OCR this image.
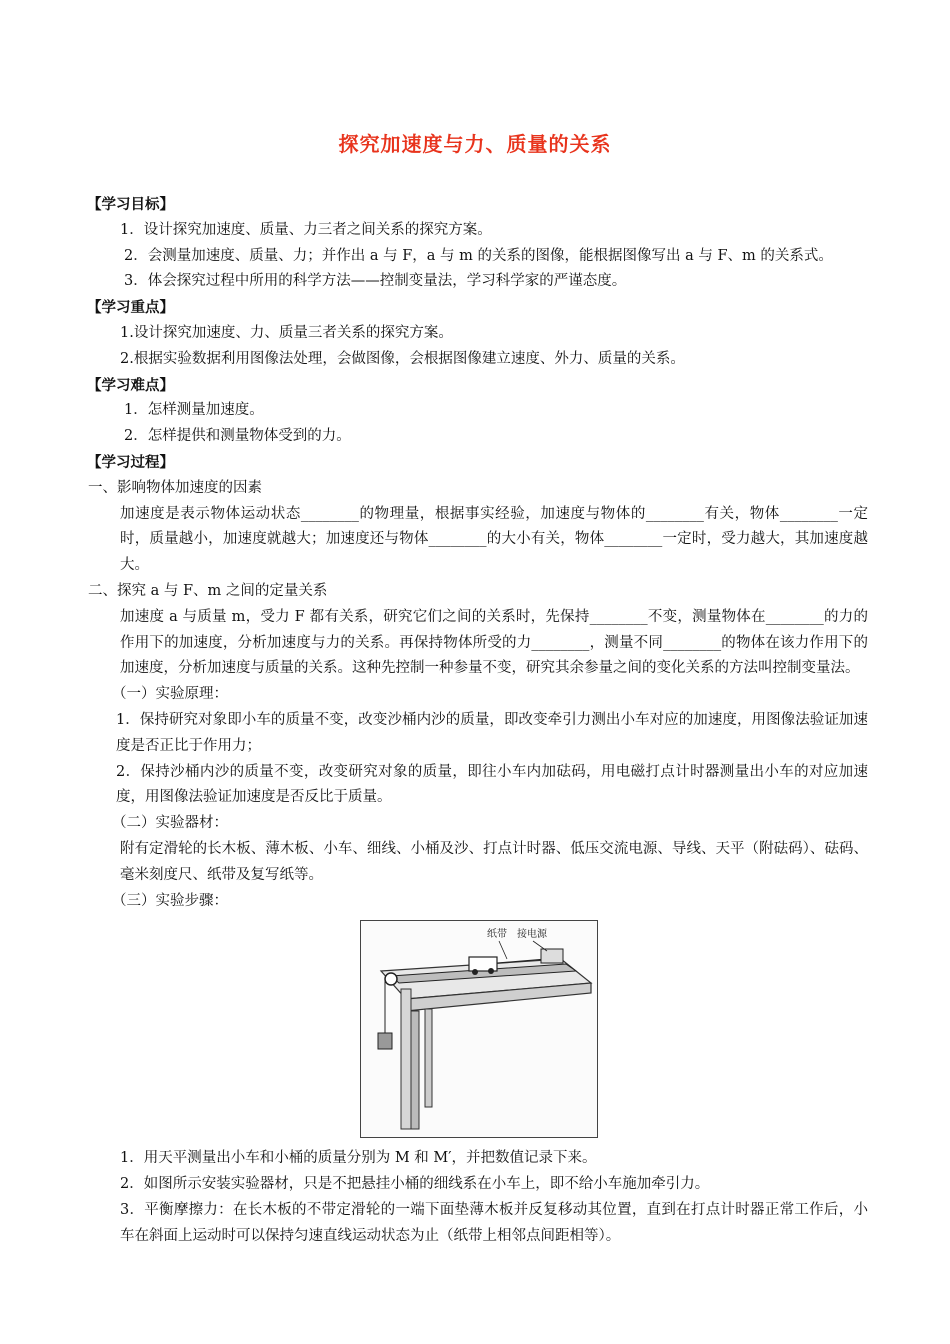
探究加速度与力、质量的关系

【学习目标】

1．设计探究加速度、质量、力三者之间关系的探究方案。

2．会测量加速度、质量、力；并作出 a 与 F，a 与 m 的关系的图像，能根据图像写出 a 与 F、m 的关系式。

3．体会探究过程中所用的科学方法——控制变量法，学习科学家的严谨态度。

【学习重点】

1.设计探究加速度、力、质量三者关系的探究方案。

2.根据实验数据利用图像法处理，会做图像，会根据图像建立速度、外力、质量的关系。

【学习难点】

1．怎样测量加速度。

2．怎样提供和测量物体受到的力。

【学习过程】

一、影响物体加速度的因素

加速度是表示物体运动状态________的物理量，根据事实经验，加速度与物体的________有关，物体________一定时，质量越小，加速度就越大；加速度还与物体________的大小有关，物体________一定时，受力越大，其加速度越大。

二、探究 a 与 F、m 之间的定量关系

加速度 a 与质量 m，受力 F 都有关系，研究它们之间的关系时，先保持________不变，测量物体在________的力的作用下的加速度，分析加速度与力的关系。再保持物体所受的力________，测量不同________的物体在该力作用下的加速度，分析加速度与质量的关系。这种先控制一种参量不变，研究其余参量之间的变化关系的方法叫控制变量法。

（一）实验原理：

1．保持研究对象即小车的质量不变，改变沙桶内沙的质量，即改变牵引力测出小车对应的加速度，用图像法验证加速度是否正比于作用力；

2．保持沙桶内沙的质量不变，改变研究对象的质量，即往小车内加砝码，用电磁打点计时器测量出小车的对应加速度，用图像法验证加速度是否反比于质量。

（二）实验器材：

附有定滑轮的长木板、薄木板、小车、细线、小桶及沙、打点计时器、低压交流电源、导线、天平（附砝码）、砝码、毫米刻度尺、纸带及复写纸等。

（三）实验步骤：

纸带 接电源

1．用天平测量出小车和小桶的质量分别为 M 和 M′，并把数值记录下来。

2．如图所示安装实验器材，只是不把悬挂小桶的细线系在小车上，即不给小车施加牵引力。

3．平衡摩擦力：在长木板的不带定滑轮的一端下面垫薄木板并反复移动其位置，直到在打点计时器正常工作后，小车在斜面上运动时可以保持匀速直线运动状态为止（纸带上相邻点间距相等）。
